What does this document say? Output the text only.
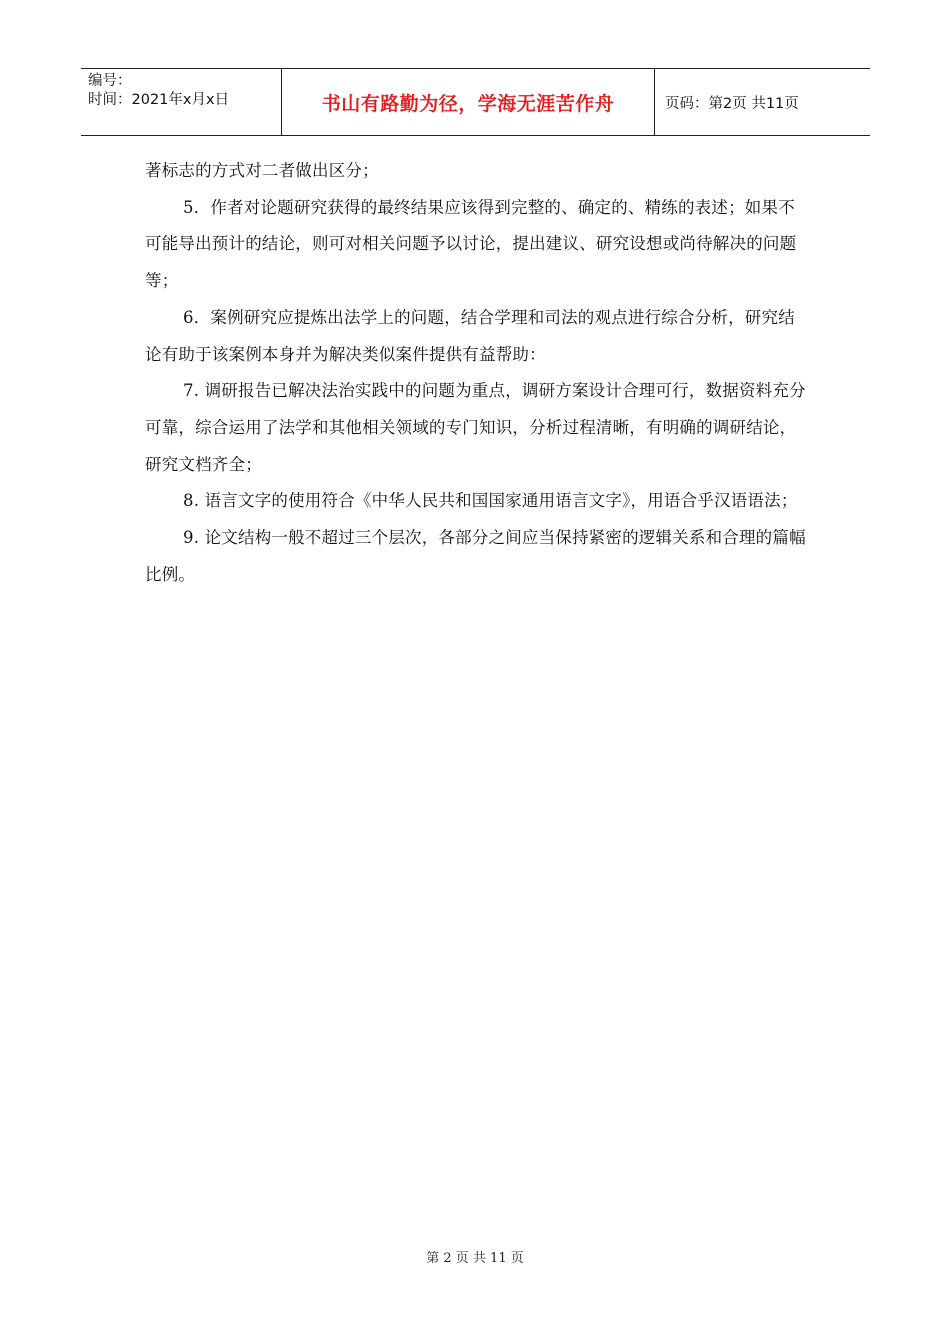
编号：
时间：2021年x月x日	书山有路勤为径，学海无涯苦作舟	页码：第2页 共11页

著标志的方式对二者做出区分；

5．作者对论题研究获得的最终结果应该得到完整的、确定的、精练的表述；如果不可能导出预计的结论，则可对相关问题予以讨论，提出建议、研究设想或尚待解决的问题等；

6．案例研究应提炼出法学上的问题，结合学理和司法的观点进行综合分析，研究结论有助于该案例本身并为解决类似案件提供有益帮助：

7. 调研报告已解决法治实践中的问题为重点，调研方案设计合理可行，数据资料充分可靠，综合运用了法学和其他相关领域的专门知识，分析过程清晰，有明确的调研结论，研究文档齐全；

8. 语言文字的使用符合《中华人民共和国国家通用语言文字》，用语合乎汉语语法；

9. 论文结构一般不超过三个层次，各部分之间应当保持紧密的逻辑关系和合理的篇幅比例。

第 2 页 共 11 页
